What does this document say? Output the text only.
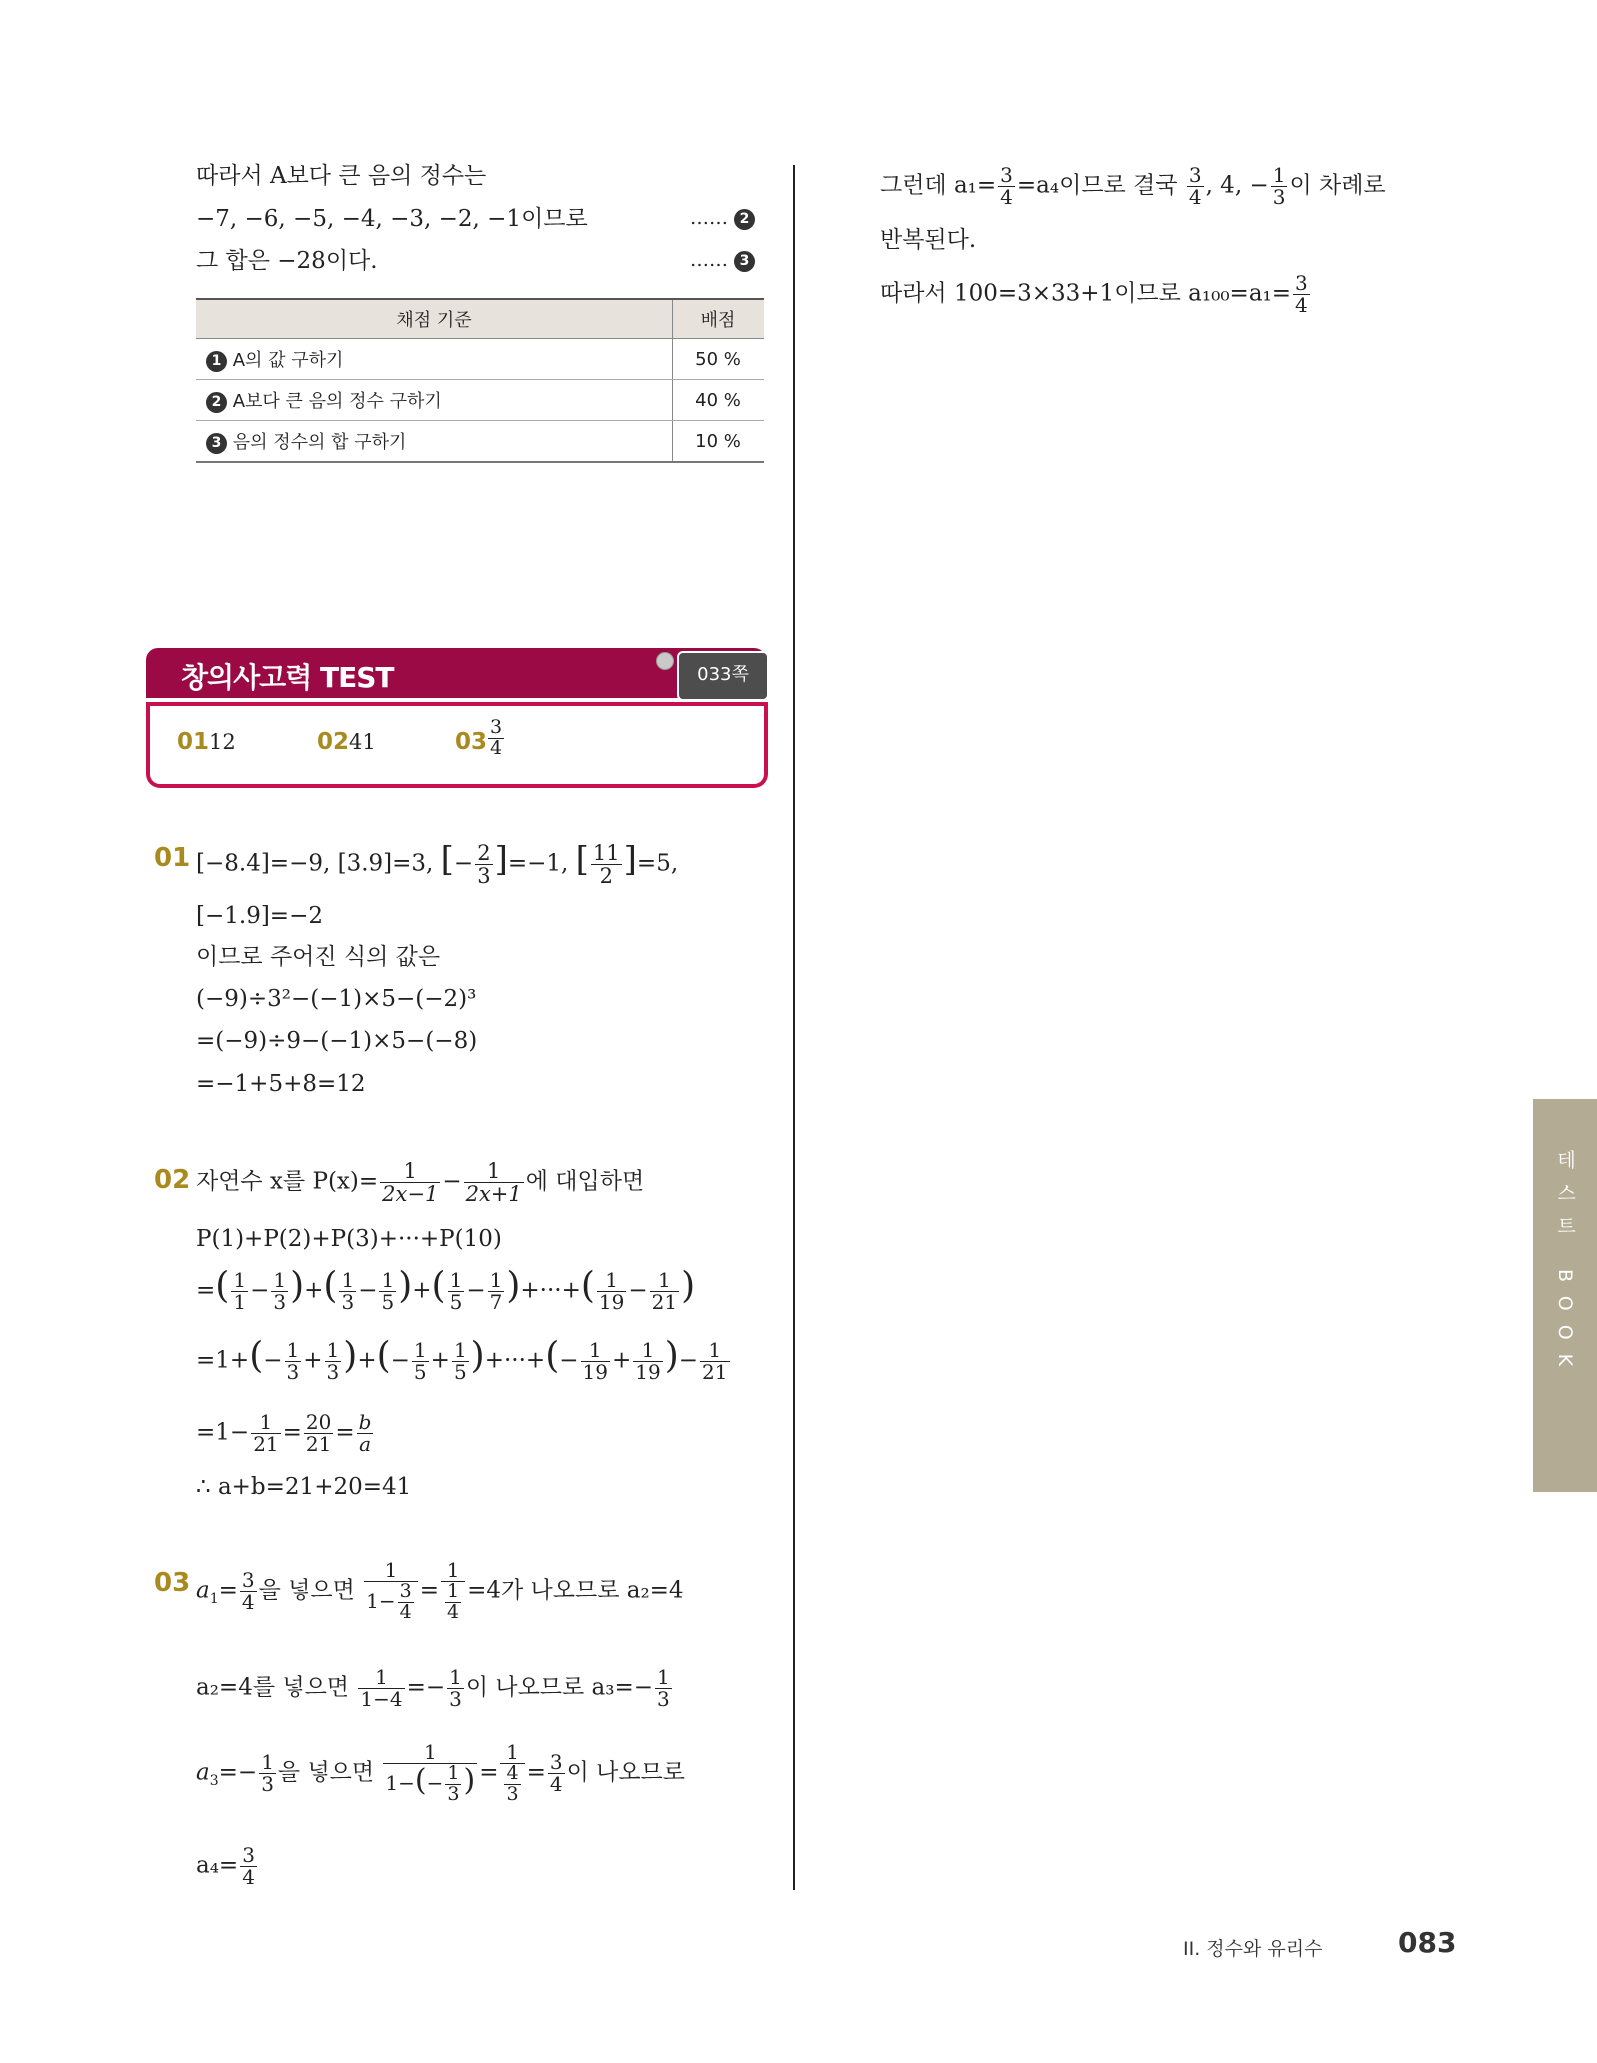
따라서 A보다 큰 음의 정수는
−7, −6, −5, −4, −3, −2, −1이므로	…… 2
그 합은 −28이다.	…… 3
채점 기준	배점
1 A의 값 구하기	50 %
2 A보다 큰 음의 정수 구하기	40 %
3 음의 정수의 합 구하기	10 %
창의사고력 TEST	033쪽
01 12	02 41	$03 \frac{3}{4}$
01 [−8.4]=−9, [3.9]=3, [− $\frac{2}{3} ]=-1$, [ $\frac{11}{2} ]=5$,
[−1.9]=−2
이므로 주어진 식의 값은
(−9)÷3²−(−1)×5−(−2)³
=(−9)÷9−(−1)×5−(−8)
=−1+5+8=12
02 자연수 x를 $P(x)= \frac{1}{2x-1} - \frac{1}{2x+1}$ 에 대입하면
P(1)+P(2)+P(3)+···+P(10)
=( $\frac{1}{1} - \frac{1}{3}$ )+( $\frac{1}{3} - \frac{1}{5}$ )+( $\frac{1}{5} - \frac{1}{7}$ )+···+( $\frac{1}{19} - \frac{1}{21}$ )
$=1+(- \frac{1}{3} + \frac{1}{3}$ )+(− $\frac{1}{5} + \frac{1}{5}$ )+···+(− $\frac{1}{19} + \frac{1}{19}$ )− $\frac{1}{21}$
$=1- \frac{1}{21} = \frac{20}{21} = \frac{b}{a}$
∴ a+b=21+20=41
03 $a_1= \frac{3}{4}$ 을 넣으면 $\frac{1}{1- \frac{3}{4}} = \frac{1}{\frac{1}{4}} =4$가 나오므로 a₂=4
a₂=4를 넣으면 $\frac{1}{1-4} =- \frac{1}{3}$ 이 나오므로 $a_3=- \frac{1}{3}$
$a_3=- \frac{1}{3}$ 을 넣으면 $\frac{1}{1-(- \frac{1}{3} )} = \frac{1}{\frac{4}{3}} = \frac{3}{4}$ 이 나오므로
$a_4= \frac{3}{4}$
그런데 $a_1= \frac{3}{4} =a_4$이므로 결국 $\frac{3}{4}$ , 4, − $\frac{1}{3}$ 이 차례로
반복된다.
따라서 100=3×33+1이므로 $a_{100}=a_1= \frac{3}{4}$
테스트 BOOK
II. 정수와 유리수	083
